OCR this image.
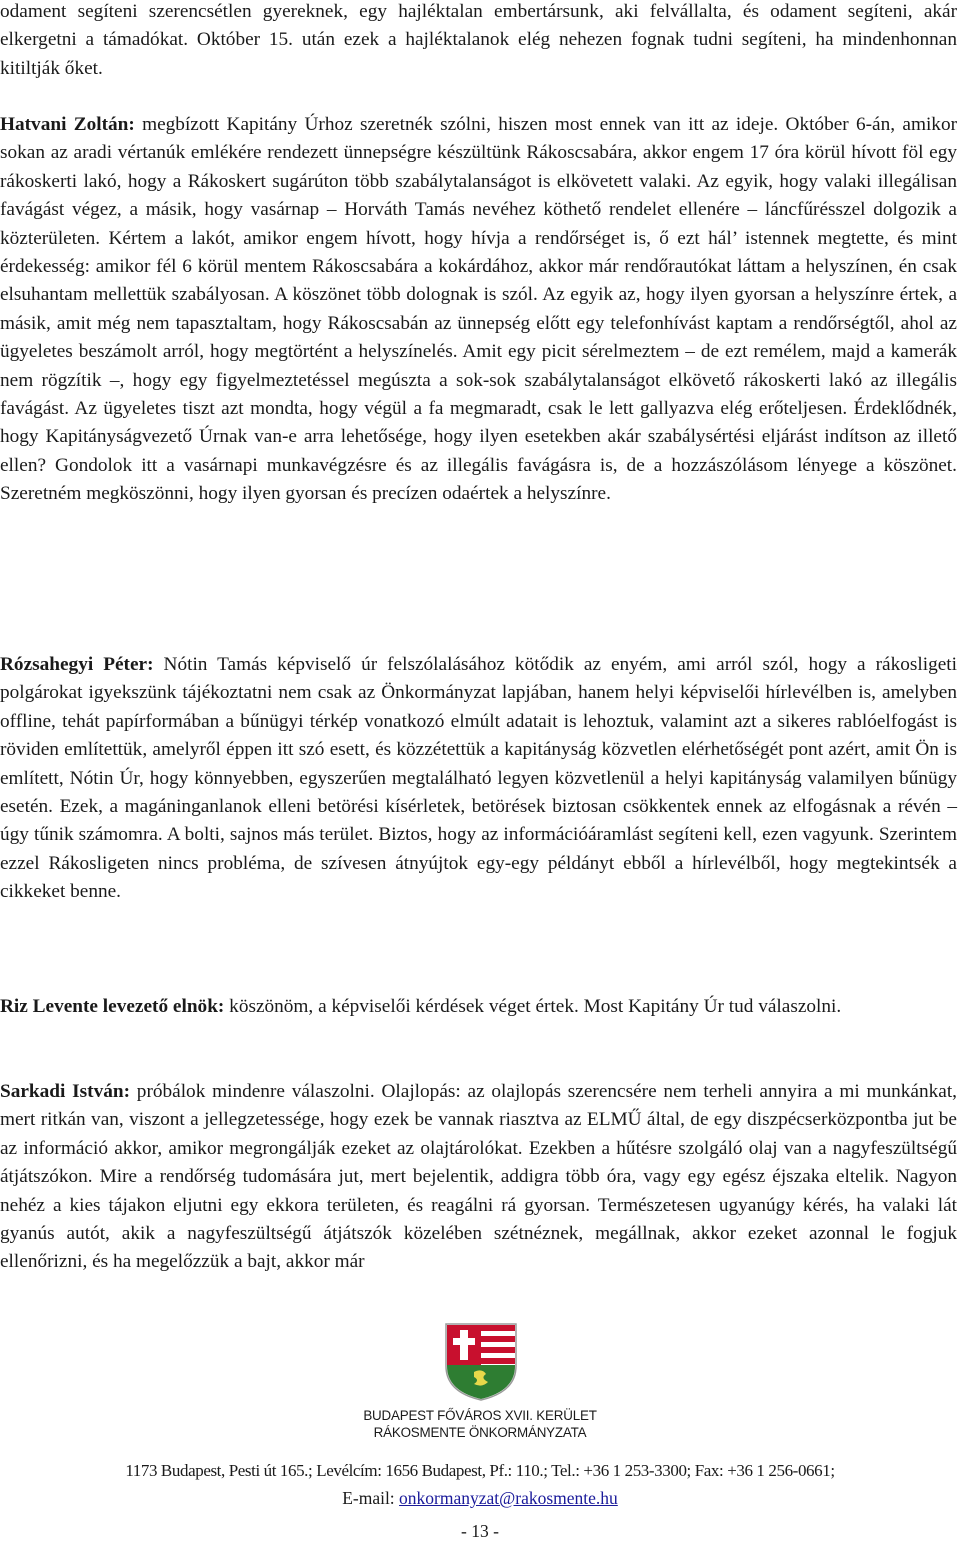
odament segíteni szerencsétlen gyereknek, egy hajléktalan embertársunk, aki felvállalta, és odament segíteni, akár elkergetni a támadókat. Október 15. után ezek a hajléktalanok elég nehezen fognak tudni segíteni, ha mindenhonnan kitiltják őket.

Hatvani Zoltán: megbízott Kapitány Úrhoz szeretnék szólni, hiszen most ennek van itt az ideje. Október 6-án, amikor sokan az aradi vértanúk emlékére rendezett ünnepségre készültünk Rákoscsabára, akkor engem 17 óra körül hívott föl egy rákoskerti lakó, hogy a Rákoskert sugárúton több szabálytalanságot is elkövetett valaki. Az egyik, hogy valaki illegálisan favágást végez, a másik, hogy vasárnap – Horváth Tamás nevéhez köthető rendelet ellenére – láncfűrésszel dolgozik a közterületen. Kértem a lakót, amikor engem hívott, hogy hívja a rendőrséget is, ő ezt hál’ istennek megtette, és mint érdekesség: amikor fél 6 körül mentem Rákoscsabára a kokárdához, akkor már rendőrautókat láttam a helyszínen, én csak elsuhantam mellettük szabályosan. A köszönet több dolognak is szól. Az egyik az, hogy ilyen gyorsan a helyszínre értek, a másik, amit még nem tapasztaltam, hogy Rákoscsabán az ünnepség előtt egy telefonhívást kaptam a rendőrségtől, ahol az ügyeletes beszámolt arról, hogy megtörtént a helyszínelés. Amit egy picit sérelmeztem – de ezt remélem, majd a kamerák nem rögzítik –, hogy egy figyelmeztetéssel megúszta a sok-sok szabálytalanságot elkövető rákoskerti lakó az illegális favágást. Az ügyeletes tiszt azt mondta, hogy végül a fa megmaradt, csak le lett gallyazva elég erőteljesen. Érdeklődnék, hogy Kapitányságvezető Úrnak van-e arra lehetősége, hogy ilyen esetekben akár szabálysértési eljárást indítson az illető ellen? Gondolok itt a vasárnapi munkavégzésre és az illegális favágásra is, de a hozzászólásom lényege a köszönet. Szeretném megköszönni, hogy ilyen gyorsan és precízen odaértek a helyszínre.

Rózsahegyi Péter: Nótin Tamás képviselő úr felszólalásához kötődik az enyém, ami arról szól, hogy a rákosligeti polgárokat igyekszünk tájékoztatni nem csak az Önkormányzat lapjában, hanem helyi képviselői hírlevélben is, amelyben offline, tehát papírformában a bűnügyi térkép vonatkozó elmúlt adatait is lehoztuk, valamint azt a sikeres rablóelfogást is röviden említettük, amelyről éppen itt szó esett, és közzétettük a kapitányság közvetlen elérhetőségét pont azért, amit Ön is említett, Nótin Úr, hogy könnyebben, egyszerűen megtalálható legyen közvetlenül a helyi kapitányság valamilyen bűnügy esetén. Ezek, a magáninganlanok elleni betörési kísérletek, betörések biztosan csökkentek ennek az elfogásnak a révén – úgy tűnik számomra. A bolti, sajnos más terület. Biztos, hogy az információáramlást segíteni kell, ezen vagyunk. Szerintem ezzel Rákosligeten nincs probléma, de szívesen átnyújtok egy-egy példányt ebből a hírlevélből, hogy megtekintsék a cikkeket benne.

Riz Levente levezető elnök: köszönöm, a képviselői kérdések véget értek. Most Kapitány Úr tud válaszolni.

Sarkadi István: próbálok mindenre válaszolni. Olajlopás: az olajlopás szerencsére nem terheli annyira a mi munkánkat, mert ritkán van, viszont a jellegzetessége, hogy ezek be vannak riasztva az ELMŰ által, de egy diszpécserközpontba jut be az információ akkor, amikor megrongálják ezeket az olajtárolókat. Ezekben a hűtésre szolgáló olaj van a nagyfeszültségű átjátszókon. Mire a rendőrség tudomására jut, mert bejelentik, addigra több óra, vagy egy egész éjszaka eltelik. Nagyon nehéz a kies tájakon eljutni egy ekkora területen, és reagálni rá gyorsan. Természetesen ugyanúgy kérés, ha valaki lát gyanús autót, akik a nagyfeszültségű átjátszók közelében szétnéznek, megállnak, akkor ezeket azonnal le fogjuk ellenőrizni, és ha megelőzzük a bajt, akkor már

BUDAPEST FŐVÁROS XVII. KERÜLET

RÁKOSMENTE ÖNKORMÁNYZATA

1173 Budapest, Pesti út 165.; Levélcím: 1656 Budapest, Pf.: 110.; Tel.: +36 1 253-3300; Fax: +36 1 256-0661;

E-mail: onkormanyzat@rakosmente.hu

- 13 -
